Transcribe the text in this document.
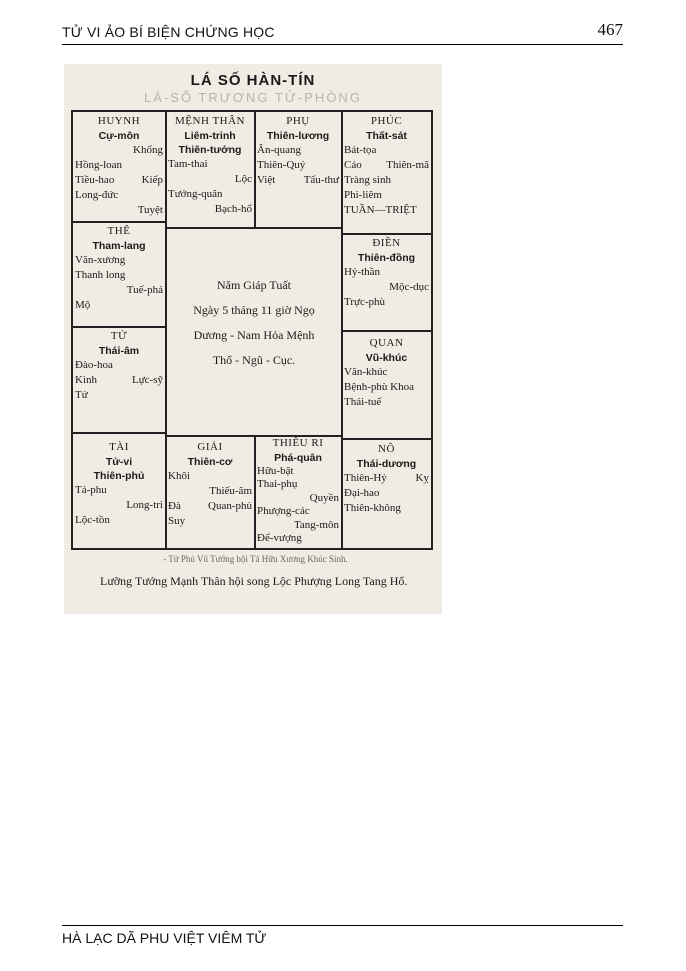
TỬ VI ẢO BÍ BIỆN CHỨNG HỌC	467
LÁ SỐ HÀN-TÍN
LÁ-SỐ TRƯƠNG TỬ-PHÒNG
HUYNH
Cự-môn
Khổng
Hồng-loan
Tiều-hao Kiếp
Long-đức
Tuyệt
MỆNH THÂN
Liêm-trinh
Thiên-tướng
Tam-thai
Lộc
Tướng-quân
Bạch-hổ
PHỤ
Thiên-lương
Ân-quang
Thiên-Quý
Việt	Tấu-thư
PHÚC
Thất-sát
Bát-tọa
Cáo Thiên-mã
Tràng sinh
Phi-liêm
TUẦN—TRIỆT
THÊ
Tham-lang
Văn-xương
Thanh long
Tuế-phá
Mộ
ĐIỀN
Thiên-đồng
Hỷ-thần
Mộc-dục
Trực-phù
TỬ
Thái-âm
Đào-hoa
Kình	Lực-sỹ
Tử
QUAN
Vũ-khúc
Văn-khúc
Bệnh-phù Khoa
Thái-tuế
Năm Giáp Tuất
Ngày 5 tháng 11 giờ Ngọ
Dương - Nam Hỏa Mệnh
Thổ - Ngũ - Cục.
TÀI
Tử-vi
Thiên-phủ
Tả-phu
Long-trì
Lộc-tồn
GIẢI
Thiên-cơ
Khôi
Thiếu-âm
Đà Quan-phủ
Suy
THIÊU RI
Phá-quân
Hữu-bật
Thai-phụ
Quyền
Phượng-các
Tang-môn
Đế-vượng
NÔ
Thái-dương
Thiên-Hỷ	Kỵ
Đại-hao
Thiên-không
- Tử Phủ Vũ Tướng hội Tả Hữu Xương Khúc Sinh.
Lưỡng Tướng Mạnh Thân hội song Lộc Phượng Long Tang Hổ.
HÀ LẠC DÃ PHU VIỆT VIÊM TỬ
